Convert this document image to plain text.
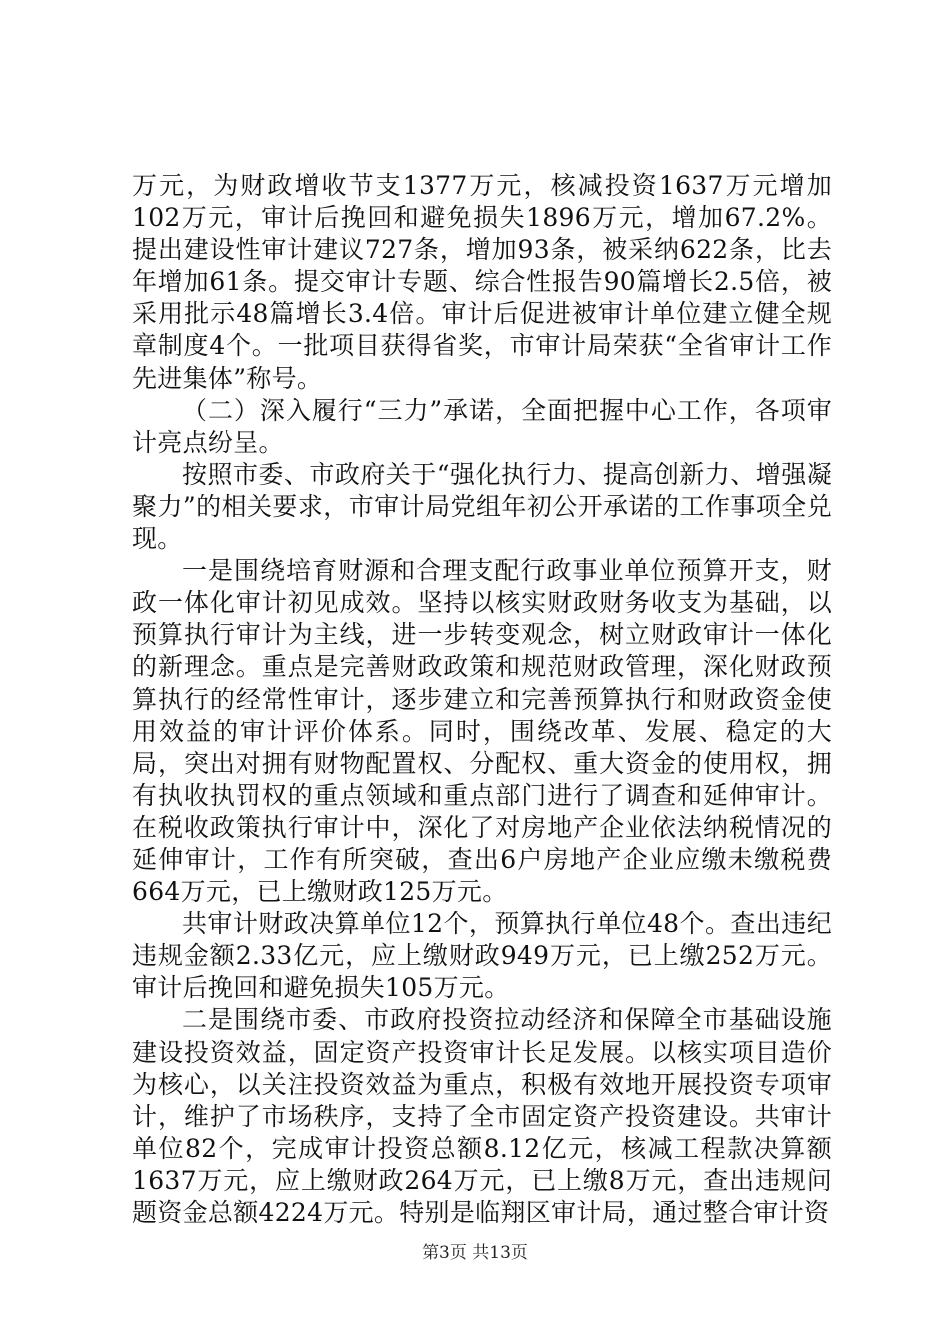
万元，为财政增收节支1377万元，核减投资1637万元增加102万元，审计后挽回和避免损失1896万元，增加67.2%。提出建设性审计建议727条，增加93条，被采纳622条，比去年增加61条。提交审计专题、综合性报告90篇增长2.5倍，被采用批示48篇增长3.4倍。审计后促进被审计单位建立健全规章制度4个。一批项目获得省奖，市审计局荣获“全省审计工作先进集体”称号。

（二）深入履行“三力”承诺，全面把握中心工作，各项审计亮点纷呈。

按照市委、市政府关于“强化执行力、提高创新力、增强凝聚力”的相关要求，市审计局党组年初公开承诺的工作事项全兑现。

一是围绕培育财源和合理支配行政事业单位预算开支，财政一体化审计初见成效。坚持以核实财政财务收支为基础，以预算执行审计为主线，进一步转变观念，树立财政审计一体化的新理念。重点是完善财政政策和规范财政管理，深化财政预算执行的经常性审计，逐步建立和完善预算执行和财政资金使用效益的审计评价体系。同时，围绕改革、发展、稳定的大局，突出对拥有财物配置权、分配权、重大资金的使用权，拥有执收执罚权的重点领域和重点部门进行了调查和延伸审计。在税收政策执行审计中，深化了对房地产企业依法纳税情况的延伸审计，工作有所突破，查出6户房地产企业应缴未缴税费664万元，已上缴财政125万元。

共审计财政决算单位12个，预算执行单位48个。查出违纪违规金额2.33亿元，应上缴财政949万元，已上缴252万元。审计后挽回和避免损失105万元。

二是围绕市委、市政府投资拉动经济和保障全市基础设施建设投资效益，固定资产投资审计长足发展。以核实项目造价为核心，以关注投资效益为重点，积极有效地开展投资专项审计，维护了市场秩序，支持了全市固定资产投资建设。共审计单位82个，完成审计投资总额8.12亿元，核减工程款决算额1637万元，应上缴财政264万元，已上缴8万元，查出违规问题资金总额4224万元。特别是临翔区审计局，通过整合审计资

第3页 共13页
